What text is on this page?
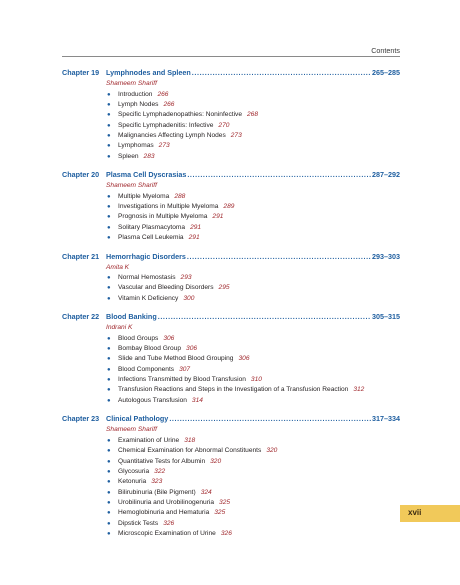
Contents
Chapter 19 Lymphnodes and Spleen .....	265–285
Shameem Shariff
● Introduction 266
● Lymph Nodes 266
● Specific Lymphadenopathies: Noninfective 268
● Specific Lymphadenitis: Infective 270
● Malignancies Affecting Lymph Nodes 273
● Lymphomas 273
● Spleen 283
Chapter 20 Plasma Cell Dyscrasias .....	287–292
Shameem Shariff
● Multiple Myeloma 288
● Investigations in Multiple Myeloma 289
● Prognosis in Multiple Myeloma 291
● Solitary Plasmacytoma 291
● Plasma Cell Leukemia 291
Chapter 21 Hemorrhagic Disorders .....	293–303
Amita K
● Normal Hemostasis 293
● Vascular and Bleeding Disorders 295
● Vitamin K Deficiency 300
Chapter 22 Blood Banking .....	305–315
Indrani K
● Blood Groups 306
● Bombay Blood Group 306
● Slide and Tube Method Blood Grouping 306
● Blood Components 307
● Infections Transmitted by Blood Transfusion 310
● Transfusion Reactions and Steps in the Investigation of a Transfusion Reaction 312
● Autologous Transfusion 314
Chapter 23 Clinical Pathology .....	317–334
Shameem Shariff
● Examination of Urine 318
● Chemical Examination for Abnormal Constituents 320
● Quantitative Tests for Albumin 320
● Glycosuria 322
● Ketonuria 323
● Bilirubinuria (Bile Pigment) 324
● Urobilinuria and Urobilinogenuria 325
● Hemoglobinuria and Hematuria 325
● Dipstick Tests 326
● Microscopic Examination of Urine 326
xvii
